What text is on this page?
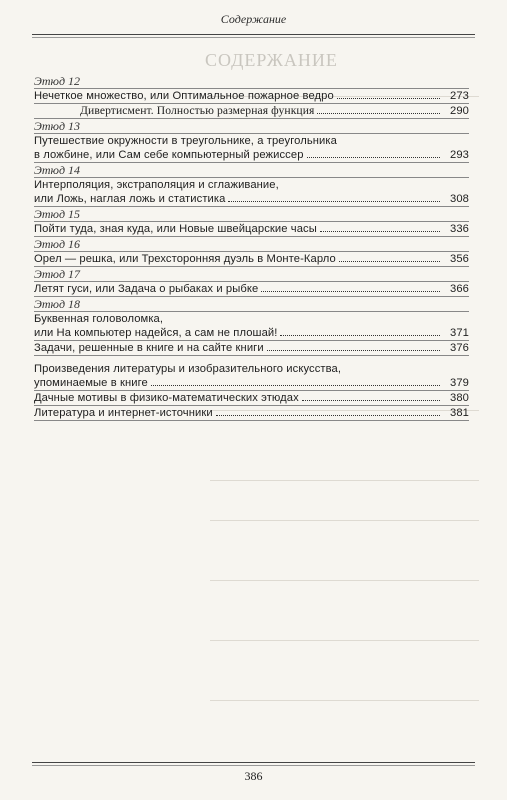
Содержание
СОДЕРЖАНИЕ
Этюд 12
Нечеткое множество, или Оптимальное пожарное ведро	273
Дивертисмент. Полностью размерная функция	290
Этюд 13
Путешествие окружности в треугольнике, а треугольника
в ложбине, или Сам себе компьютерный режиссер	293
Этюд 14
Интерполяция, экстраполяция и сглаживание,
или Ложь, наглая ложь и статистика	308
Этюд 15
Пойти туда, зная куда, или Новые швейцарские часы	336
Этюд 16
Орел — решка, или Трехсторонняя дуэль в Монте-Карло	356
Этюд 17
Летят гуси, или Задача о рыбаках и рыбке	366
Этюд 18
Буквенная головоломка,
или На компьютер надейся, а сам не плошай!	371
Задачи, решенные в книге и на сайте книги	376
Произведения литературы и изобразительного искусства,
упоминаемые в книге	379
Дачные мотивы в физико-математических этюдах	380
Литература и интернет-источники	381
386
